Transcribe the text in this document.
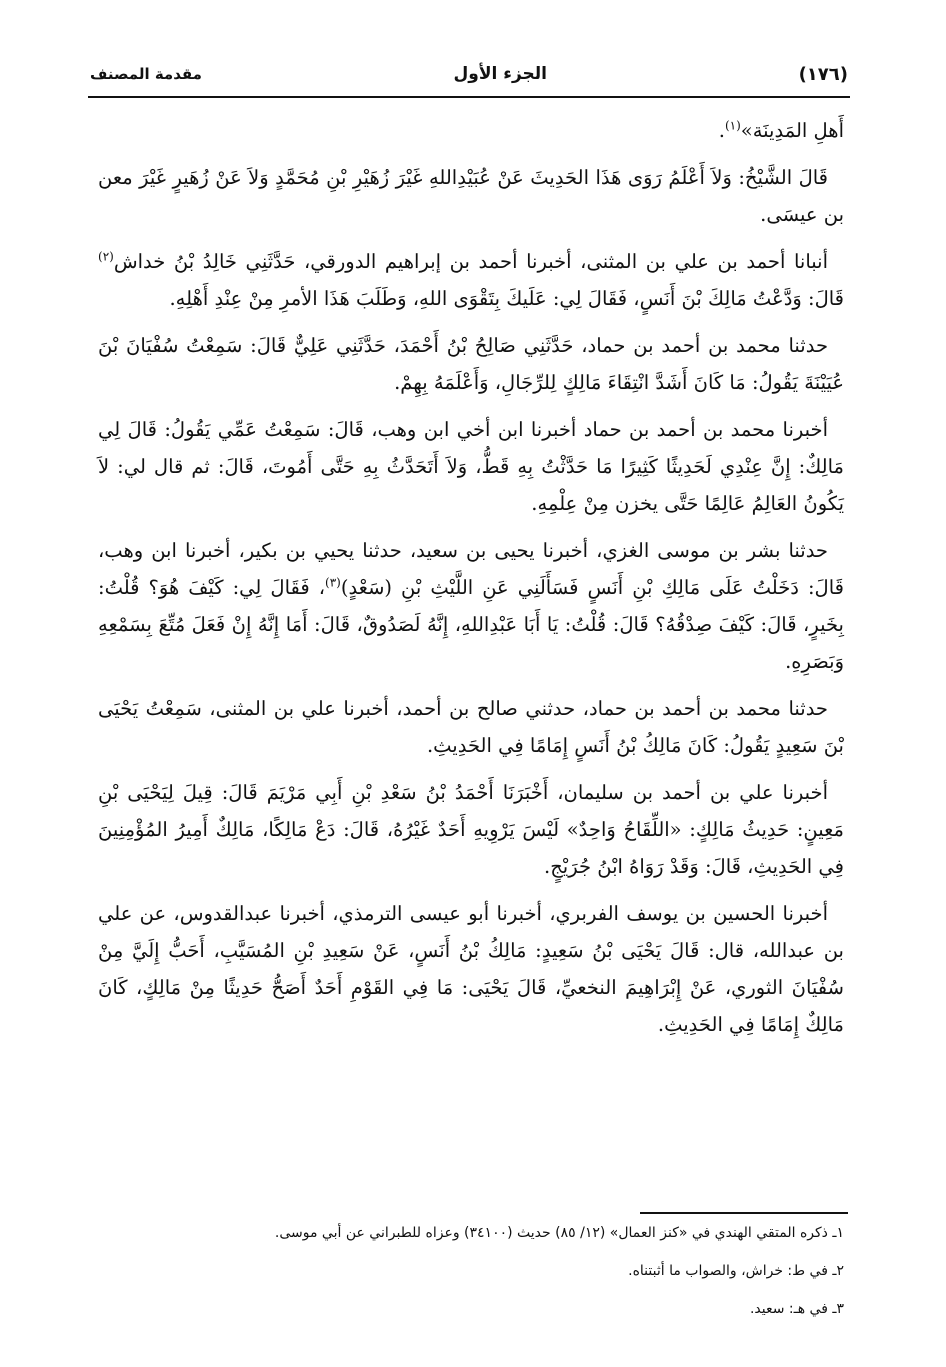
(١٧٦)
الجزء الأول
مقدمة المصنف

أَهلِ المَدِينَة»$^{(١)}$.

قَالَ الشَّيْخُ: وَلاَ أَعْلَمُ رَوَى هَذَا الحَدِيثَ عَنْ عُبَيْدِاللهِ غَيْرَ زُهَيْرِ بْنِ مُحَمَّدٍ وَلاَ عَنْ زُهَيرٍ غَيْرَ معن بن عيسَى.

أنبانا أحمد بن علي بن المثنى، أخبرنا أحمد بن إبراهيم الدورقي، حَدَّثَنِي خَالِدُ بْنُ خداش$^{(٢)}$ قَالَ: وَدَّعْتُ مَالِكَ بْنَ أَنَسٍ، فَقَالَ لِي: عَلَيكَ بِتَقْوَى اللهِ، وَطَلَبَ هَذَا الأمرِ مِنْ عِنْدِ أَهْلِهِ.

حدثنا محمد بن أحمد بن حماد، حَدَّثَنِي صَالِحُ بْنُ أَحْمَدَ، حَدَّثَنِي عَلِيٌّ قَالَ: سَمِعْتُ سُفْيَانَ بْنَ عُيَيْنَةَ يَقُولُ: مَا كَانَ أَشَدَّ انْتِقَاءَ مَالِكٍ لِلرِّجَالِ، وَأَعْلَمَهُ بِهِمْ.

أخبرنا محمد بن أحمد بن حماد أخبرنا ابن أخي ابن وهب، قَالَ: سَمِعْتُ عَمِّي يَقُولُ: قَالَ لِي مَالِكٌ: إِنَّ عِنْدِي لَحَدِيثًا كَثِيرًا مَا حَدَّثْتُ بِهِ قَطُّ، وَلاَ أَتَحَدَّثُ بِهِ حَتَّى أَمُوتَ، قَالَ: ثم قال لي: لاَ يَكُونُ العَالِمُ عَالِمًا حَتَّى يخزن مِنْ عِلْمِهِ.

حدثنا بشر بن موسى الغزي، أخبرنا يحيى بن سعيد، حدثنا يحيي بن بكير، أخبرنا ابن وهب، قَالَ: دَخَلْتُ عَلَى مَالِكِ بْنِ أَنَسٍ فَسَأَلَنِي عَنِ اللَّيْثِ بْنِ (سَعْدٍ)$^{(٣)}$، فَقَالَ لِي: كَيْفَ هُوَ؟ قُلْتُ: بِخَيرٍ، قَالَ: كَيْفَ صِدْقُهُ؟ قَالَ: قُلْتُ: يَا أَبَا عَبْدِاللهِ، إِنَّهُ لَصَدُوقٌ، قَالَ: أَمَا إِنَّهُ إِنْ فَعَلَ مُتِّعَ بِسَمْعِهِ وَبَصَرِهِ.

حدثنا محمد بن أحمد بن حماد، حدثني صالح بن أحمد، أخبرنا علي بن المثنى، سَمِعْتُ يَحْيَى بْنَ سَعِيدٍ يَقُولُ: كَانَ مَالِكُ بْنُ أَنَسٍ إِمَامًا فِي الحَدِيثِ.

أخبرنا علي بن أحمد بن سليمان، أَخْبَرَنَا أَحْمَدُ بْنُ سَعْدِ بْنِ أَبِي مَرْيَمَ قَالَ: قِيلَ لِيَحْيَى بْنِ مَعِينٍ: حَدِيثُ مَالِكٍ: «اللِّقَاحُ وَاحِدٌ» لَيْسَ يَرْوِيهِ أَحَدٌ غَيْرُهُ، قَالَ: دَعْ مَالِكًا، مَالِكٌ أَمِيرُ المُؤْمِنِينَ فِي الحَدِيثِ، قَالَ: وَقَدْ رَوَاهُ ابْنُ جُرَيْجٍ.

أخبرنا الحسين بن يوسف الفربري، أخبرنا أبو عيسى الترمذي، أخبرنا عبدالقدوس، عن علي بن عبدالله، قال: قَالَ يَحْيَى بْنُ سَعِيدٍ: مَالِكُ بْنُ أَنَسٍ، عَنْ سَعِيدِ بْنِ المُسَيَّبِ، أَحَبُّ إِلَيَّ مِنْ سُفْيَانَ الثوري، عَنْ إِبْرَاهِيمَ النخعيِّ، قَالَ يَحْيَى: مَا فِي القَوْمِ أَحَدٌ أَصَحُّ حَدِيثًا مِنْ مَالِكٍ، كَانَ مَالِكٌ إِمَامًا فِي الحَدِيثِ.

١ـ ذكره المتقي الهندي في «كنز العمال» (١٢/ ٨٥) حديث (٣٤١٠٠) وعزاه للطبراني عن أبي موسى.

٢ـ في ط: خراش، والصواب ما أثبتناه.

٣ـ في هـ: سعيد.
